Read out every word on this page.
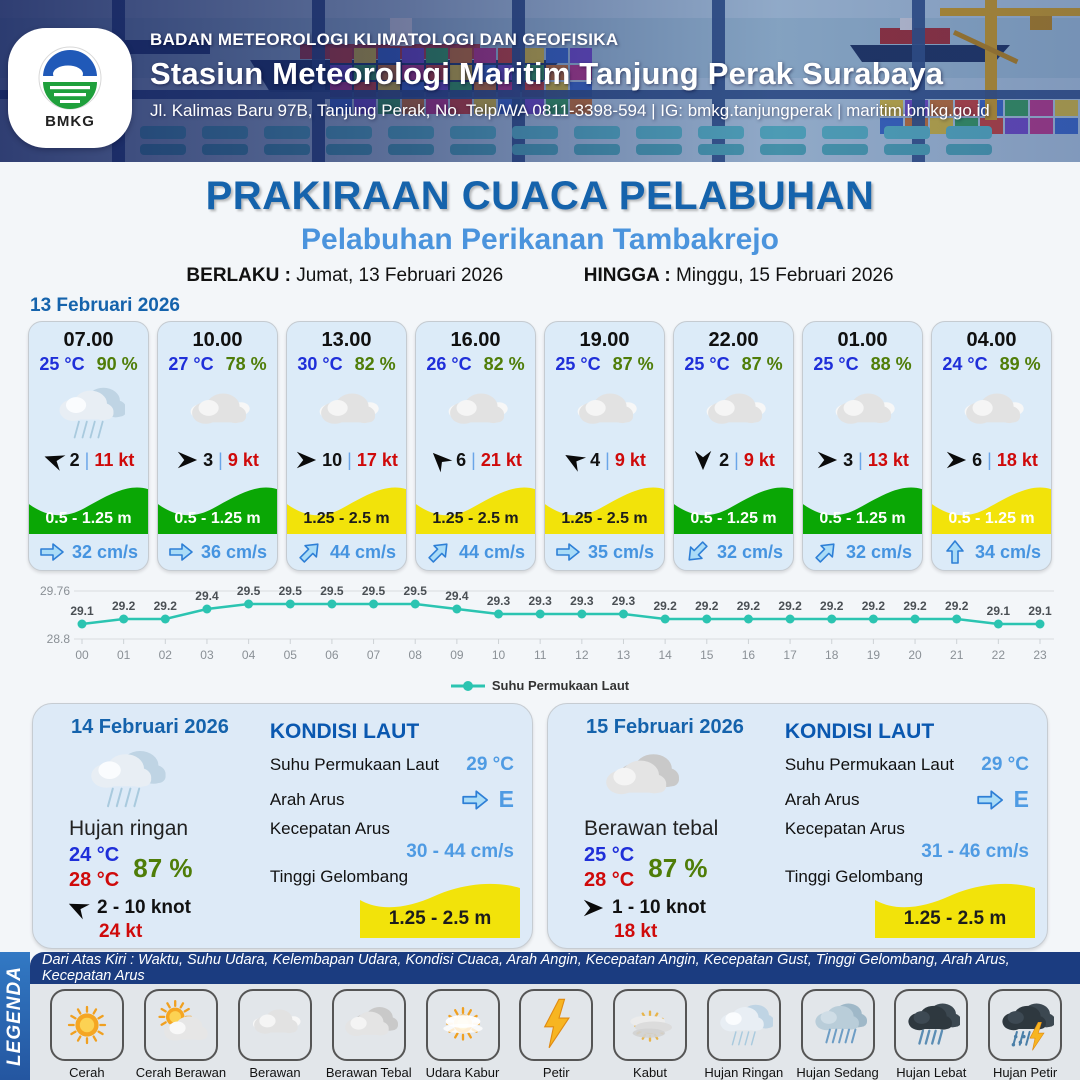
BMKG
BADAN METEOROLOGI KLIMATOLOGI DAN GEOFISIKA
Stasiun Meteorologi Maritim Tanjung Perak Surabaya
Jl. Kalimas Baru 97B, Tanjung Perak, No. Telp/WA 0811-3398-594 | IG: bmkg.tanjungperak | maritim.bmkg.go.id
PRAKIRAAN CUACA PELABUHAN
Pelabuhan Perikanan Tambakrejo
BERLAKU : Jumat, 13 Februari 2026	HINGGA : Minggu, 15 Februari 2026
13 Februari 2026
07.00
25 °C 90 %
2 | 11 kt
0.5 - 1.25 m
32 cm/s
10.00
27 °C 78 %
3 | 9 kt
0.5 - 1.25 m
36 cm/s
13.00
30 °C 82 %
10 | 17 kt
1.25 - 2.5 m
44 cm/s
16.00
26 °C 82 %
6 | 21 kt
1.25 - 2.5 m
44 cm/s
19.00
25 °C 87 %
4 | 9 kt
1.25 - 2.5 m
35 cm/s
22.00
25 °C 87 %
2 | 9 kt
0.5 - 1.25 m
32 cm/s
01.00
25 °C 88 %
3 | 13 kt
0.5 - 1.25 m
32 cm/s
04.00
24 °C 89 %
6 | 18 kt
0.5 - 1.25 m
34 cm/s
29.76
28.8
29.1
00
29.2
01
29.2
02
29.4
03
29.5
04
29.5
05
29.5
06
29.5
07
29.5
08
29.4
09
29.3
10
29.3
11
29.3
12
29.3
13
29.2
14
29.2
15
29.2
16
29.2
17
29.2
18
29.2
19
29.2
20
29.2
21
29.1
22
29.1
23
Suhu Permukaan Laut
14 Februari 2026
Hujan ringan
24 °C
28 °C 87 %
2 - 10 knot
24 kt
KONDISI LAUT
Suhu Permukaan Laut 29 °C
Arah Arus	E
Kecepatan Arus
30 - 44 cm/s
Tinggi Gelombang
1.25 - 2.5 m
15 Februari 2026
Berawan tebal
25 °C
28 °C 87 %
1 - 10 knot
18 kt
KONDISI LAUT
Suhu Permukaan Laut 29 °C
Arah Arus	E
Kecepatan Arus
31 - 46 cm/s
Tinggi Gelombang
1.25 - 2.5 m
LEGENDA
Dari Atas Kiri : Waktu, Suhu Udara, Kelembapan Udara, Kondisi Cuaca, Arah Angin, Kecepatan Angin, Kecepatan Gust, Tinggi Gelombang, Arah Arus, Kecepatan Arus
Cerah Cerah Berawan Berawan Berawan Tebal Udara Kabur	Petir	Kabut	Hujan Ringan Hujan Sedang Hujan Lebat Hujan Petir
